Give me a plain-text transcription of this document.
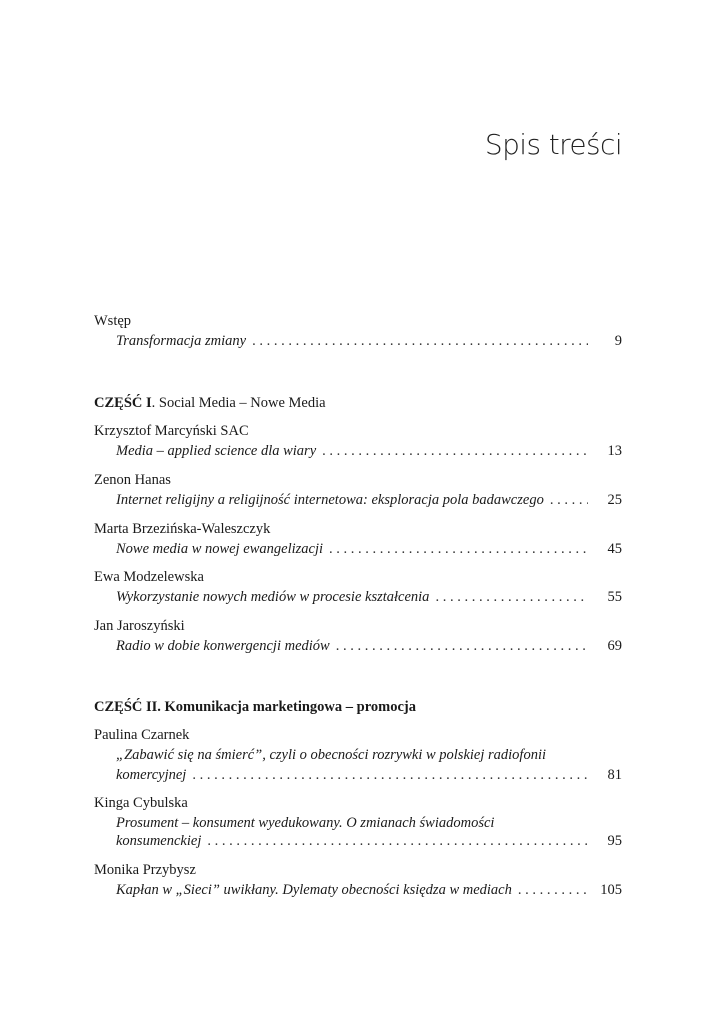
Spis treści
Wstęp
Transformacja zmiany . . .	9
CZĘŚĆ I. Social Media – Nowe Media
Krzysztof Marcyński SAC
Media – applied science dla wiary . . .	13
Zenon Hanas
Internet religijny a religijność internetowa: eksploracja pola badawczego . . .	25
Marta Brzezińska-Waleszczyk
Nowe media w nowej ewangelizacji . . .	45
Ewa Modzelewska
Wykorzystanie nowych mediów w procesie kształcenia . . .	55
Jan Jaroszyński
Radio w dobie konwergencji mediów . . .	69
CZĘŚĆ II. Komunikacja marketingowa – promocja
Paulina Czarnek
„Zabawić się na śmierć”, czyli o obecności rozrywki w polskiej radiofonii
komercyjnej . . .	81
Kinga Cybulska
Prosument – konsument wyedukowany. O zmianach świadomości
konsumenckiej . . .	95
Monika Przybysz
Kapłan w „Sieci” uwikłany. Dylematy obecności księdza w mediach . . .	105
